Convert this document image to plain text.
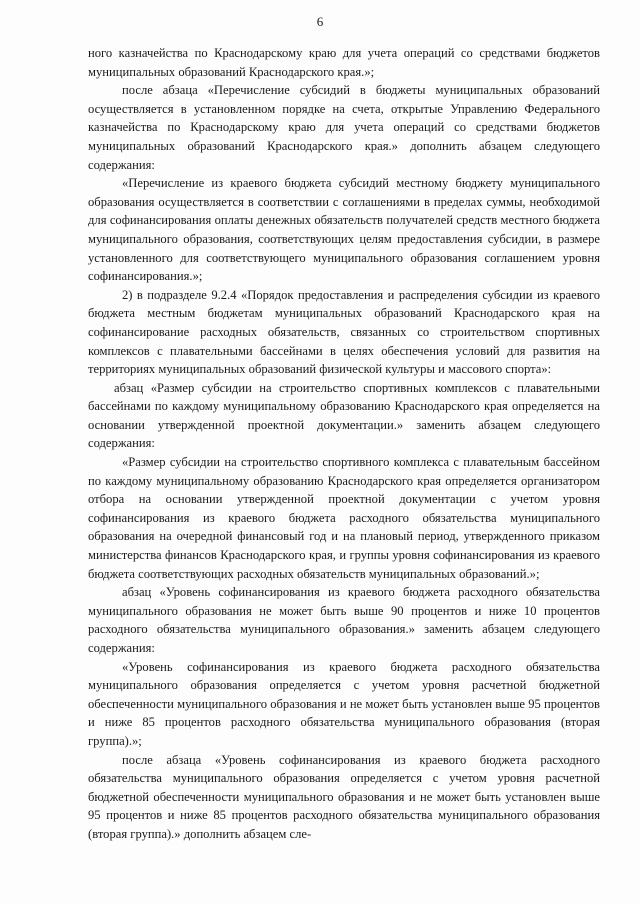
6

ного казначейства по Краснодарскому краю для учета операций со средствами бюджетов муниципальных образований Краснодарского края.»;

после абзаца «Перечисление субсидий в бюджеты муниципальных образований осуществляется в установленном порядке на счета, открытые Управлению Федерального казначейства по Краснодарскому краю для учета операций со средствами бюджетов муниципальных образований Краснодарского края.» дополнить абзацем следующего содержания:

«Перечисление из краевого бюджета субсидий местному бюджету муниципального образования осуществляется в соответствии с соглашениями в пределах суммы, необходимой для софинансирования оплаты денежных обязательств получателей средств местного бюджета муниципального образования, соответствующих целям предоставления субсидии, в размере установленного для соответствующего муниципального образования соглашением уровня софинансирования.»;

2) в подразделе 9.2.4 «Порядок предоставления и распределения субсидии из краевого бюджета местным бюджетам муниципальных образований Краснодарского края на софинансирование расходных обязательств, связанных со строительством спортивных комплексов с плавательными бассейнами в целях обеспечения условий для развития на территориях муниципальных образований физической культуры и массового спорта»:

абзац «Размер субсидии на строительство спортивных комплексов с плавательными бассейнами по каждому муниципальному образованию Краснодарского края определяется на основании утвержденной проектной документации.» заменить абзацем следующего содержания:

«Размер субсидии на строительство спортивного комплекса с плавательным бассейном по каждому муниципальному образованию Краснодарского края определяется организатором отбора на основании утвержденной проектной документации с учетом уровня софинансирования из краевого бюджета расходного обязательства муниципального образования на очередной финансовый год и на плановый период, утвержденного приказом министерства финансов Краснодарского края, и группы уровня софинансирования из краевого бюджета соответствующих расходных обязательств муниципальных образований.»;

абзац «Уровень софинансирования из краевого бюджета расходного обязательства муниципального образования не может быть выше 90 процентов и ниже 10 процентов расходного обязательства муниципального образования.» заменить абзацем следующего содержания:

«Уровень софинансирования из краевого бюджета расходного обязательства муниципального образования определяется с учетом уровня расчетной бюджетной обеспеченности муниципального образования и не может быть установлен выше 95 процентов и ниже 85 процентов расходного обязательства муниципального образования (вторая группа).»;

после абзаца «Уровень софинансирования из краевого бюджета расходного обязательства муниципального образования определяется с учетом уровня расчетной бюджетной обеспеченности муниципального образования и не может быть установлен выше 95 процентов и ниже 85 процентов расходного обязательства муниципального образования (вторая группа).» дополнить абзацем сле-
